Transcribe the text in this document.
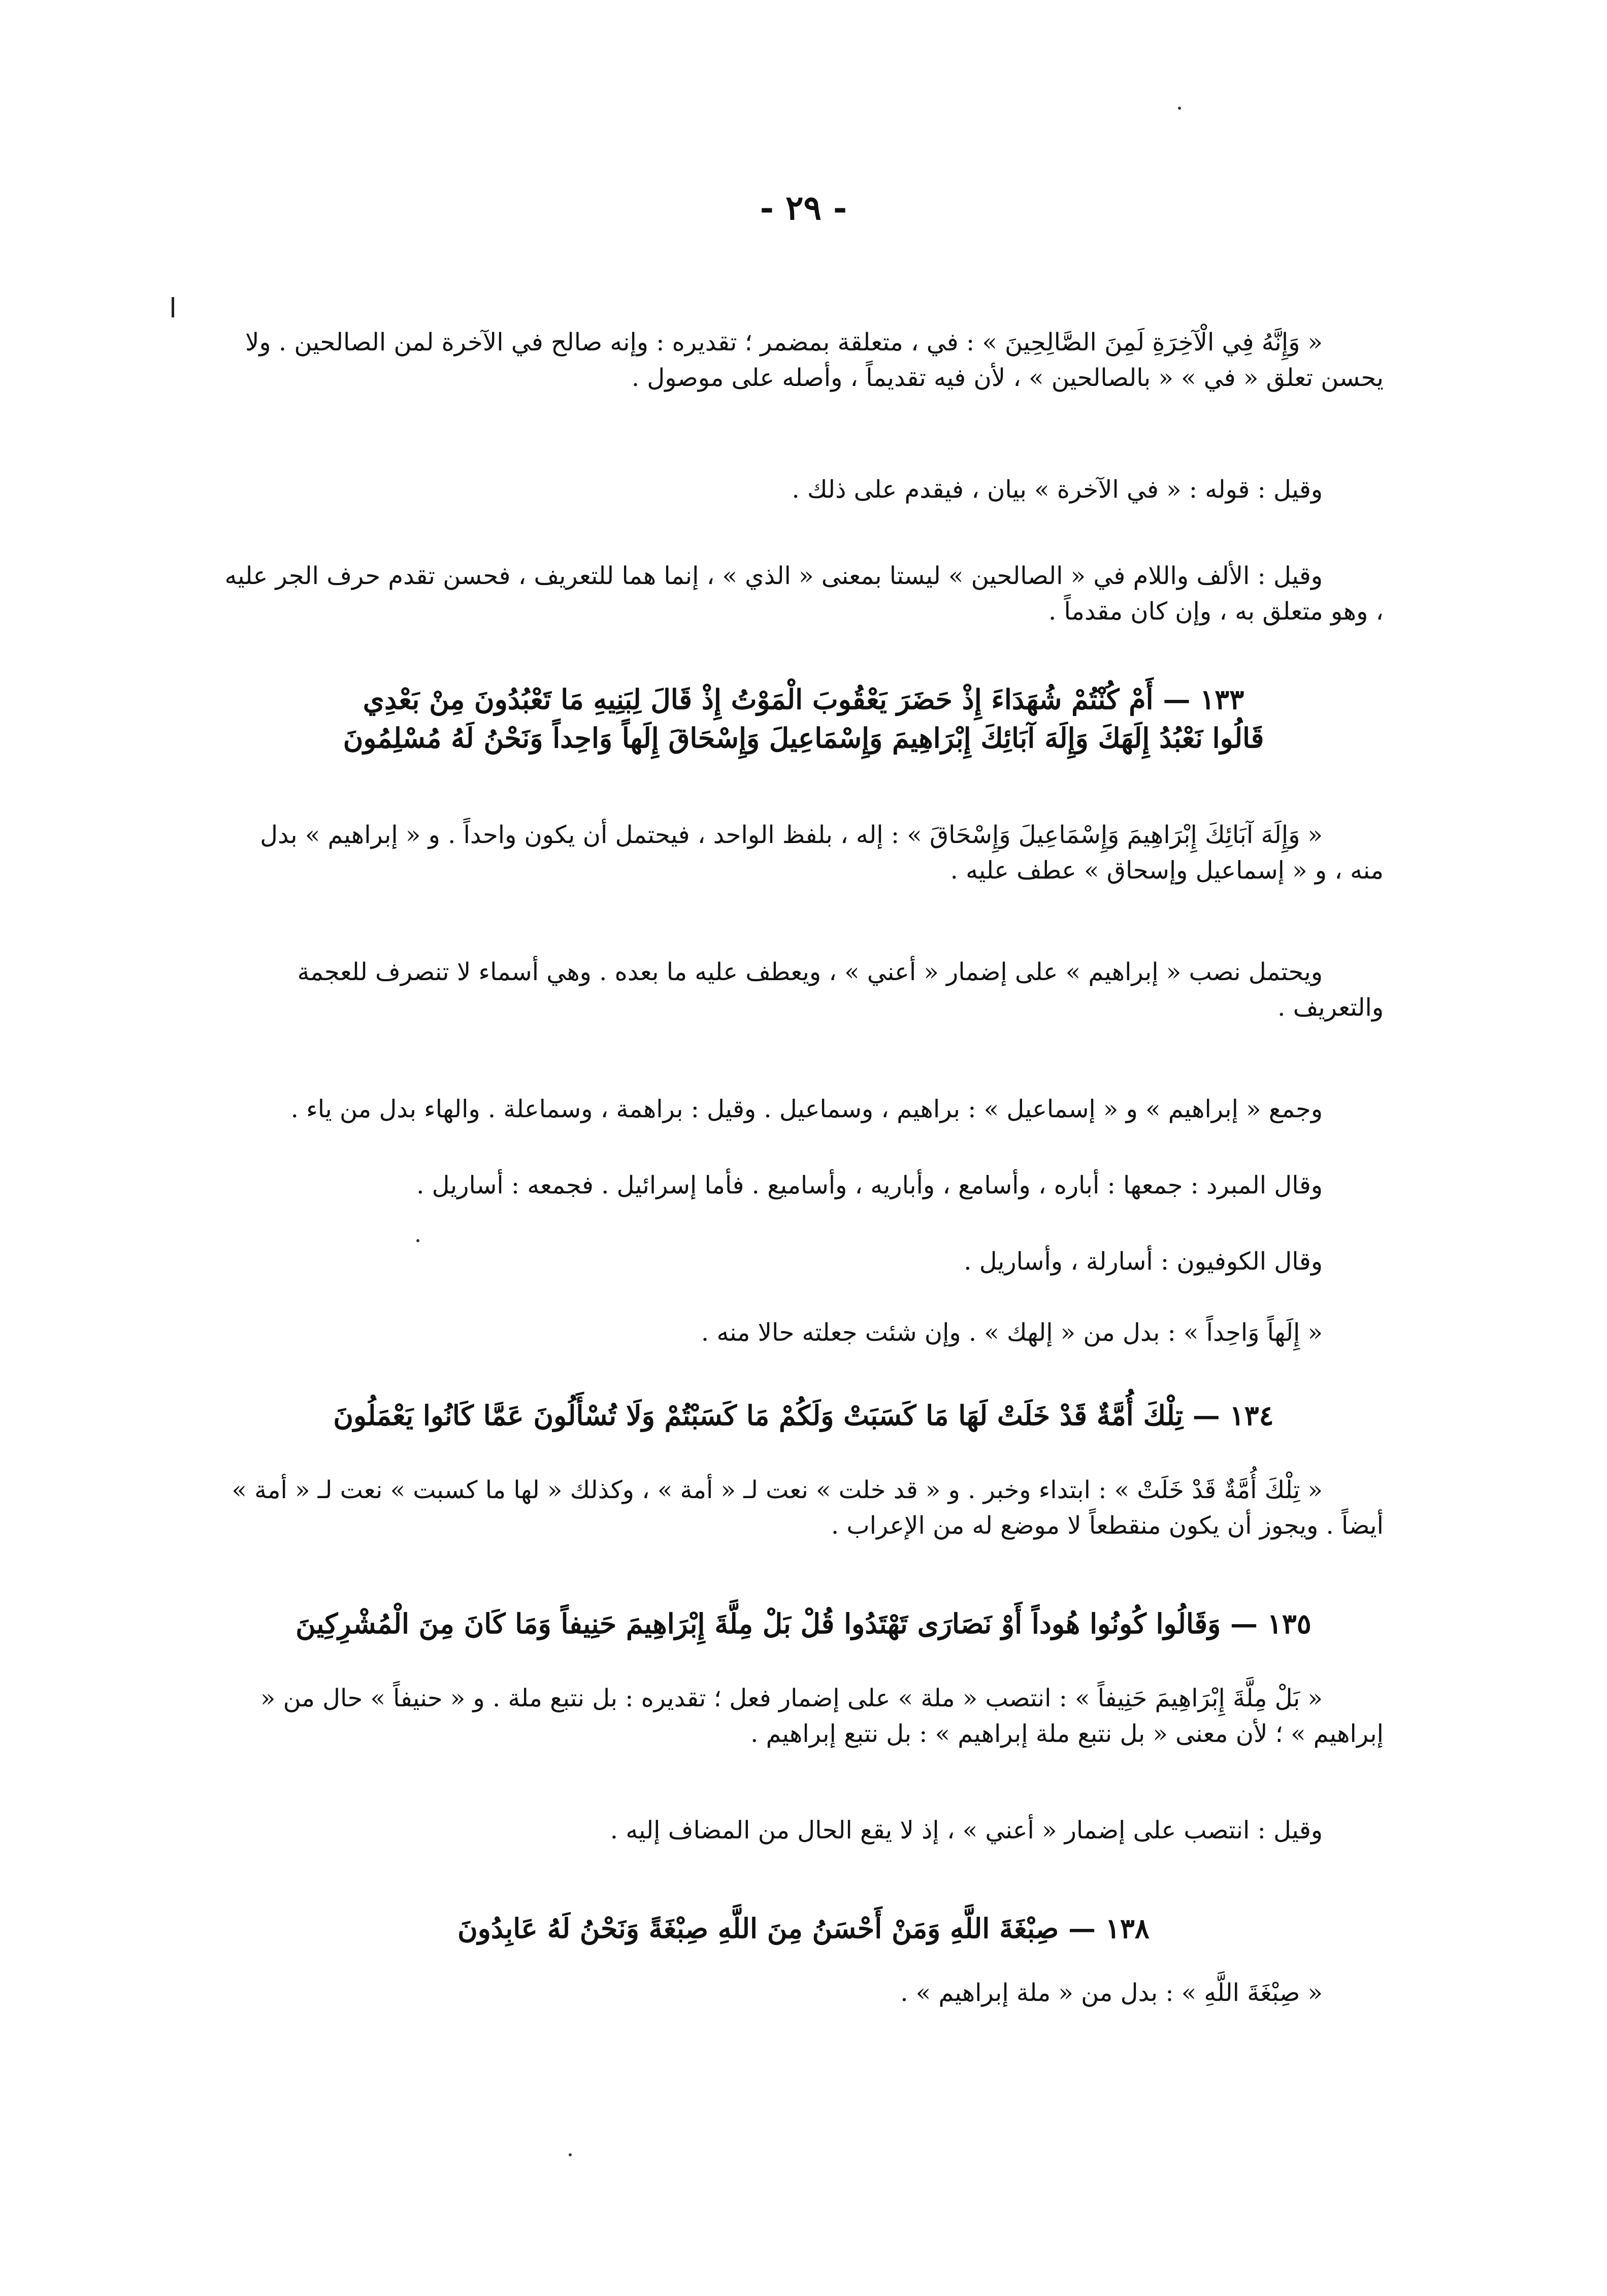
- ٢٩ -

« وَإِنَّهُ فِي الْآخِرَةِ لَمِنَ الصَّالِحِينَ » : في ، متعلقة بمضمر ؛ تقديره : وإنه صالح في الآخرة لمن الصالحين . ولا يحسن تعلق « في » « بالصالحين » ، لأن فيه تقديماً ، وأصله على موصول .

وقيل : قوله : « في الآخرة » بيان ، فيقدم على ذلك .

وقيل : الألف واللام في « الصالحين » ليستا بمعنى « الذي » ، إنما هما للتعريف ، فحسن تقدم حرف الجر عليه ، وهو متعلق به ، وإن كان مقدماً .

١٣٣ — أَمْ كُنْتُمْ شُهَدَاءَ إِذْ حَضَرَ يَعْقُوبَ الْمَوْتُ إِذْ قَالَ لِبَنِيهِ مَا تَعْبُدُونَ مِنْ بَعْدِي
قَالُوا نَعْبُدُ إِلَهَكَ وَإِلَهَ آبَائِكَ إِبْرَاهِيمَ وَإِسْمَاعِيلَ وَإِسْحَاقَ إِلَهاً وَاحِداً وَنَحْنُ لَهُ مُسْلِمُونَ

« وَإِلَهَ آبَائِكَ إِبْرَاهِيمَ وَإِسْمَاعِيلَ وَإِسْحَاقَ » : إله ، بلفظ الواحد ، فيحتمل أن يكون واحداً . و « إبراهيم » بدل منه ، و « إسماعيل وإسحاق » عطف عليه .

ويحتمل نصب « إبراهيم » على إضمار « أعني » ، ويعطف عليه ما بعده . وهي أسماء لا تنصرف للعجمة والتعريف .

وجمع « إبراهيم » و « إسماعيل » : براهيم ، وسماعيل . وقيل : براهمة ، وسماعلة . والهاء بدل من ياء .

وقال المبرد : جمعها : أباره ، وأسامع ، وأباريه ، وأساميع . فأما إسرائيل . فجمعه : أساريل .

وقال الكوفيون : أسارلة ، وأساريل .

« إِلَهاً وَاحِداً » : بدل من « إلهك » . وإن شئت جعلته حالا منه .

١٣٤ — تِلْكَ أُمَّةٌ قَدْ خَلَتْ لَهَا مَا كَسَبَتْ وَلَكُمْ مَا كَسَبْتُمْ وَلَا تُسْأَلُونَ عَمَّا كَانُوا يَعْمَلُونَ

« تِلْكَ أُمَّةٌ قَدْ خَلَتْ » : ابتداء وخبر . و « قد خلت » نعت لـ « أمة » ، وكذلك « لها ما كسبت » نعت لـ « أمة » أيضاً . ويجوز أن يكون منقطعاً لا موضع له من الإعراب .

١٣٥ — وَقَالُوا كُونُوا هُوداً أَوْ نَصَارَى تَهْتَدُوا قُلْ بَلْ مِلَّةَ إِبْرَاهِيمَ حَنِيفاً وَمَا كَانَ مِنَ الْمُشْرِكِينَ

« بَلْ مِلَّةَ إِبْرَاهِيمَ حَنِيفاً » : انتصب « ملة » على إضمار فعل ؛ تقديره : بل نتبع ملة . و « حنيفاً » حال من « إبراهيم » ؛ لأن معنى « بل نتبع ملة إبراهيم » : بل نتبع إبراهيم .

وقيل : انتصب على إضمار « أعني » ، إذ لا يقع الحال من المضاف إليه .

١٣٨ — صِبْغَةَ اللَّهِ وَمَنْ أَحْسَنُ مِنَ اللَّهِ صِبْغَةً وَنَحْنُ لَهُ عَابِدُونَ

« صِبْغَةَ اللَّهِ » : بدل من « ملة إبراهيم » .
